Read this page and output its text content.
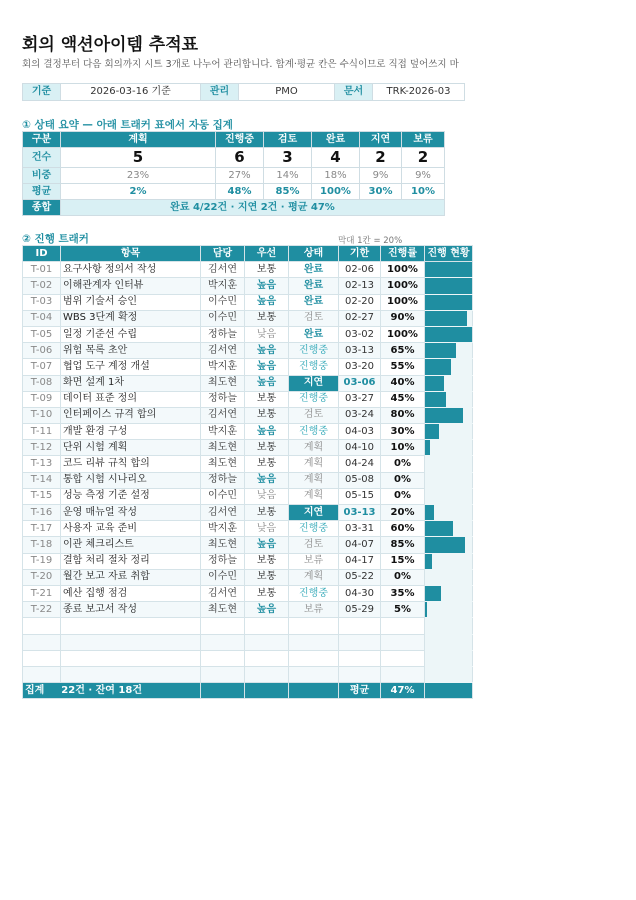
회의 액션아이템 추적표
회의 결정부터 다음 회의까지 시트 3개로 나누어 관리합니다. 합계·평균 칸은 수식이므로 직접 덮어쓰지 마
기준	2026-03-16 기준	관리	PMO	문서	TRK-2026-03
① 상태 요약 — 아래 트래커 표에서 자동 집계
구분	계획	진행중	검토	완료	지연	보류
건수	5	6	3	4	2	2
비중	23%	27%	14%	18%	9%	9%
평균	2%	48%	85%	100%	30%	10%
종합	완료 4/22건 · 지연 2건 · 평균 47%					
② 진행 트래커	막대 1칸 = 20%
ID	항목	담당	우선	상태	기한	진행률	진행 현황
T-01	요구사항 정의서 작성	김서연	보통	완료	02-06	100%	

T-02	이해관계자 인터뷰	박지훈	높음	완료	02-13	100%	

T-03	범위 기술서 승인	이수민	높음	완료	02-20	100%	

T-04	WBS 3단계 확정	이수민	보통	검토	02-27	90%	

T-05	일정 기준선 수립	정하늘	낮음	완료	03-02	100%	

T-06	위험 목록 초안	김서연	높음	진행중	03-13	65%	

T-07	협업 도구 계정 개설	박지훈	높음	진행중	03-20	55%	

T-08	화면 설계 1차	최도현	높음	지연	03-06	40%	

T-09	데이터 표준 정의	정하늘	보통	진행중	03-27	45%	

T-10	인터페이스 규격 합의	김서연	보통	검토	03-24	80%	

T-11	개발 환경 구성	박지훈	높음	진행중	04-03	30%	

T-12	단위 시험 계획	최도현	보통	계획	04-10	10%	

T-13	코드 리뷰 규칙 합의	최도현	보통	계획	04-24	0%	
T-14	통합 시험 시나리오	정하늘	높음	계획	05-08	0%	
T-15	성능 측정 기준 설정	이수민	낮음	계획	05-15	0%	
T-16	운영 매뉴얼 작성	김서연	보통	지연	03-13	20%	

T-17	사용자 교육 준비	박지훈	낮음	진행중	03-31	60%	

T-18	이관 체크리스트	최도현	높음	검토	04-07	85%	

T-19	결함 처리 절차 정리	정하늘	보통	보류	04-17	15%	

T-20	월간 보고 자료 취합	이수민	보통	계획	05-22	0%	
T-21	예산 집행 점검	김서연	보통	진행중	04-30	35%	

T-22	종료 보고서 작성	최도현	높음	보류	05-29	5%	

집계 22건 · 잔여 18건					평균	47%	
